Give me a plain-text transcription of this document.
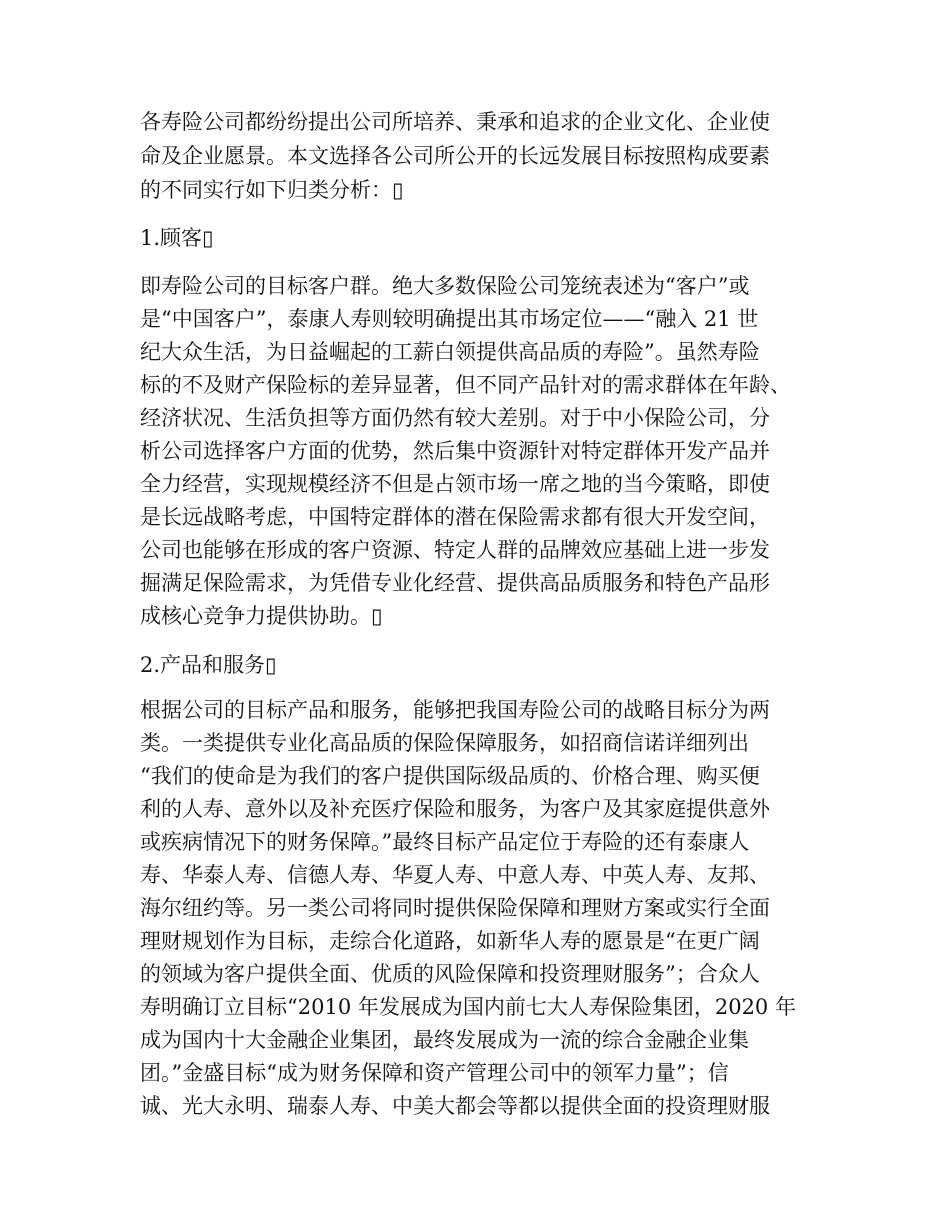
各寿险公司都纷纷提出公司所培养、秉承和追求的企业文化、企业使
命及企业愿景。本文选择各公司所公开的长远发展目标按照构成要素
的不同实行如下归类分析：▯
1.顾客▯
即寿险公司的目标客户群。绝大多数保险公司笼统表述为“客户”或
是“中国客户”，泰康人寿则较明确提出其市场定位——“融入 21 世
纪大众生活，为日益崛起的工薪白领提供高品质的寿险”。虽然寿险
标的不及财产保险标的差异显著，但不同产品针对的需求群体在年龄、
经济状况、生活负担等方面仍然有较大差别。对于中小保险公司，分
析公司选择客户方面的优势，然后集中资源针对特定群体开发产品并
全力经营，实现规模经济不但是占领市场一席之地的当今策略，即使
是长远战略考虑，中国特定群体的潜在保险需求都有很大开发空间，
公司也能够在形成的客户资源、特定人群的品牌效应基础上进一步发
掘满足保险需求，为凭借专业化经营、提供高品质服务和特色产品形
成核心竞争力提供协助。▯
2.产品和服务▯
根据公司的目标产品和服务，能够把我国寿险公司的战略目标分为两
类。一类提供专业化高品质的保险保障服务，如招商信诺详细列出
“我们的使命是为我们的客户提供国际级品质的、价格合理、购买便
利的人寿、意外以及补充医疗保险和服务，为客户及其家庭提供意外
或疾病情况下的财务保障。”最终目标产品定位于寿险的还有泰康人
寿、华泰人寿、信德人寿、华夏人寿、中意人寿、中英人寿、友邦、
海尔纽约等。另一类公司将同时提供保险保障和理财方案或实行全面
理财规划作为目标，走综合化道路，如新华人寿的愿景是“在更广阔
的领域为客户提供全面、优质的风险保障和投资理财服务”；合众人
寿明确订立目标“2010 年发展成为国内前七大人寿保险集团，2020 年
成为国内十大金融企业集团，最终发展成为一流的综合金融企业集
团。”金盛目标“成为财务保障和资产管理公司中的领军力量”；信
诚、光大永明、瑞泰人寿、中美大都会等都以提供全面的投资理财服
